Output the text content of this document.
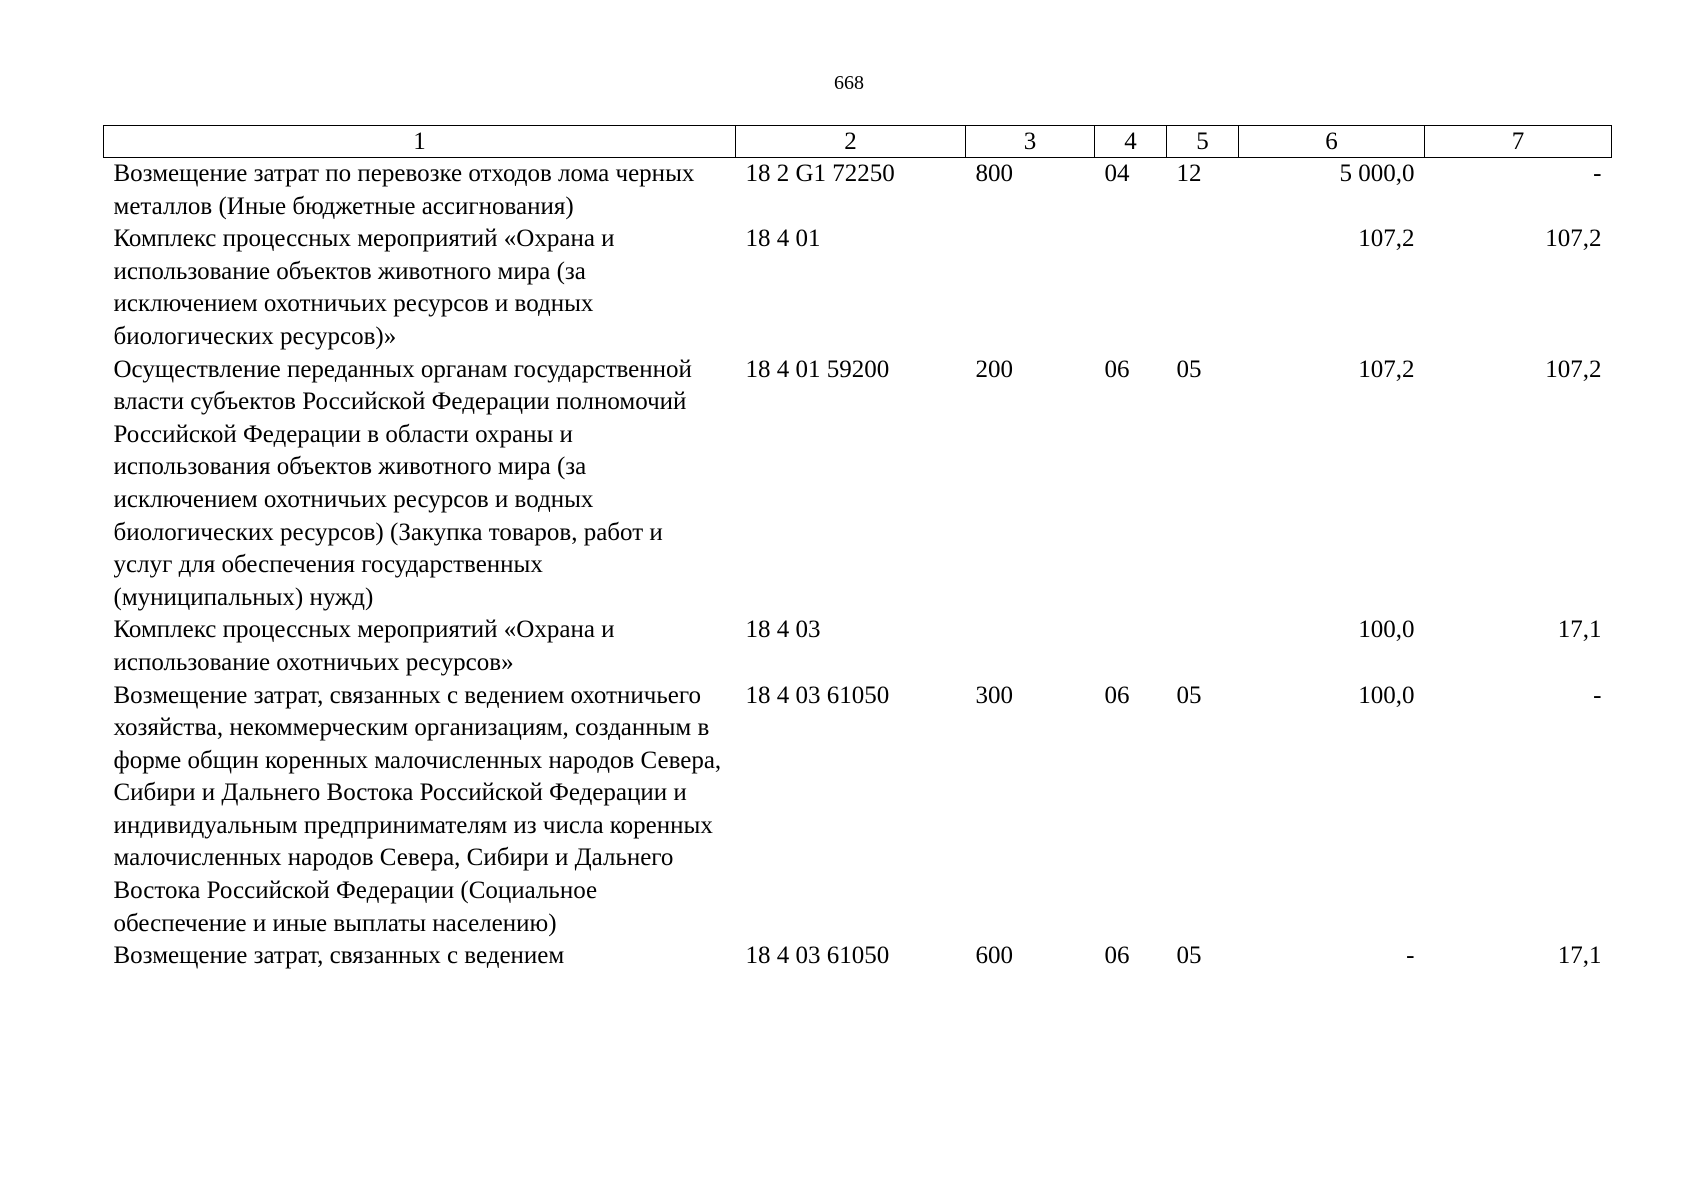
668
1	2	3	4	5	6	7
Возмещение затрат по перевозке отходов лома черных металлов (Иные бюджетные ассигнования)	18 2 G1 72250	800	04	12	5 000,0	-
Комплекс процессных мероприятий «Охрана и использование объектов животного мира (за исключением охотничьих ресурсов и водных биологических ресурсов)»	18 4 01				107,2	107,2
Осуществление переданных органам государственной власти субъектов Российской Федерации полномочий Российской Федерации в области охраны и использования объектов животного мира (за исключением охотничьих ресурсов и водных биологических ресурсов) (Закупка товаров, работ и услуг для обеспечения государственных (муниципальных) нужд)	18 4 01 59200	200	06	05	107,2	107,2
Комплекс процессных мероприятий «Охрана и использование охотничьих ресурсов»	18 4 03				100,0	17,1
Возмещение затрат, связанных с ведением охотничьего хозяйства, некоммерческим организациям, созданным в форме общин коренных малочисленных народов Севера, Сибири и Дальнего Востока Российской Федерации и индивидуальным предпринимателям из числа коренных малочисленных народов Севера, Сибири и Дальнего Востока Российской Федерации (Социальное обеспечение и иные выплаты населению)	18 4 03 61050	300	06	05	100,0	-
Возмещение затрат, связанных с ведением	18 4 03 61050	600	06	05	-	17,1
